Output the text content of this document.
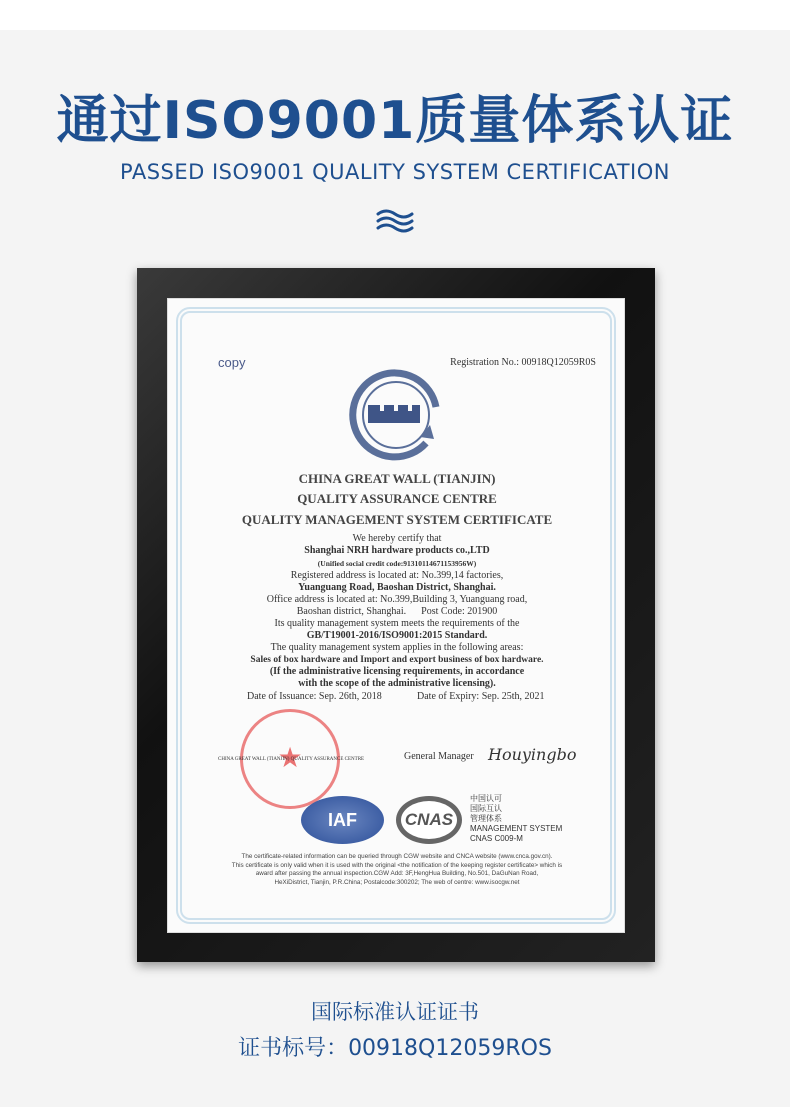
通过ISO9001质量体系认证
PASSED ISO9001 QUALITY SYSTEM CERTIFICATION
copy	Registration No.: 00918Q12059R0S
CHINA GREAT WALL (TIANJIN)
QUALITY ASSURANCE CENTRE
QUALITY MANAGEMENT SYSTEM CERTIFICATE
We hereby certify that
Shanghai NRH hardware products co.,LTD
(Unified social credit code:91310114671153956W)
Registered address is located at: No.399,14 factories,
Yuanguang Road, Baoshan District, Shanghai.
Office address is located at: No.399,Building 3, Yuanguang road,
Baoshan district, Shanghai.      Post Code: 201900
Its quality management system meets the requirements of the
GB/T19001-2016/ISO9001:2015 Standard.
The quality management system applies in the following areas:
Sales of box hardware and Import and export business of box hardware.
(If the administrative licensing requirements, in accordance
with the scope of the administrative licensing).
Date of Issuance: Sep. 26th, 2018	Date of Expiry: Sep. 25th, 2021
★
CHINA GREAT WALL (TIANJIN) QUALITY ASSURANCE CENTRE	General Manager Houyingbo
IAF	CNAS
中国认可
国际互认
管理体系
MANAGEMENT SYSTEM
CNAS C009-M
The certificate-related information can be queried through CGW website and CNCA website (www.cnca.gov.cn).
This certificate is only valid when it is used with the original <the notification of the keeping register certificate> which is
award after passing the annual inspection.CGW Add: 3F,HengHua Building, No.501, DaGuNan Road,
HeXiDistrict, Tianjin, P.R.China; Postalcode:300202; The web of centre: www.isocgw.net
国际标准认证证书
证书标号：00918Q12059ROS
